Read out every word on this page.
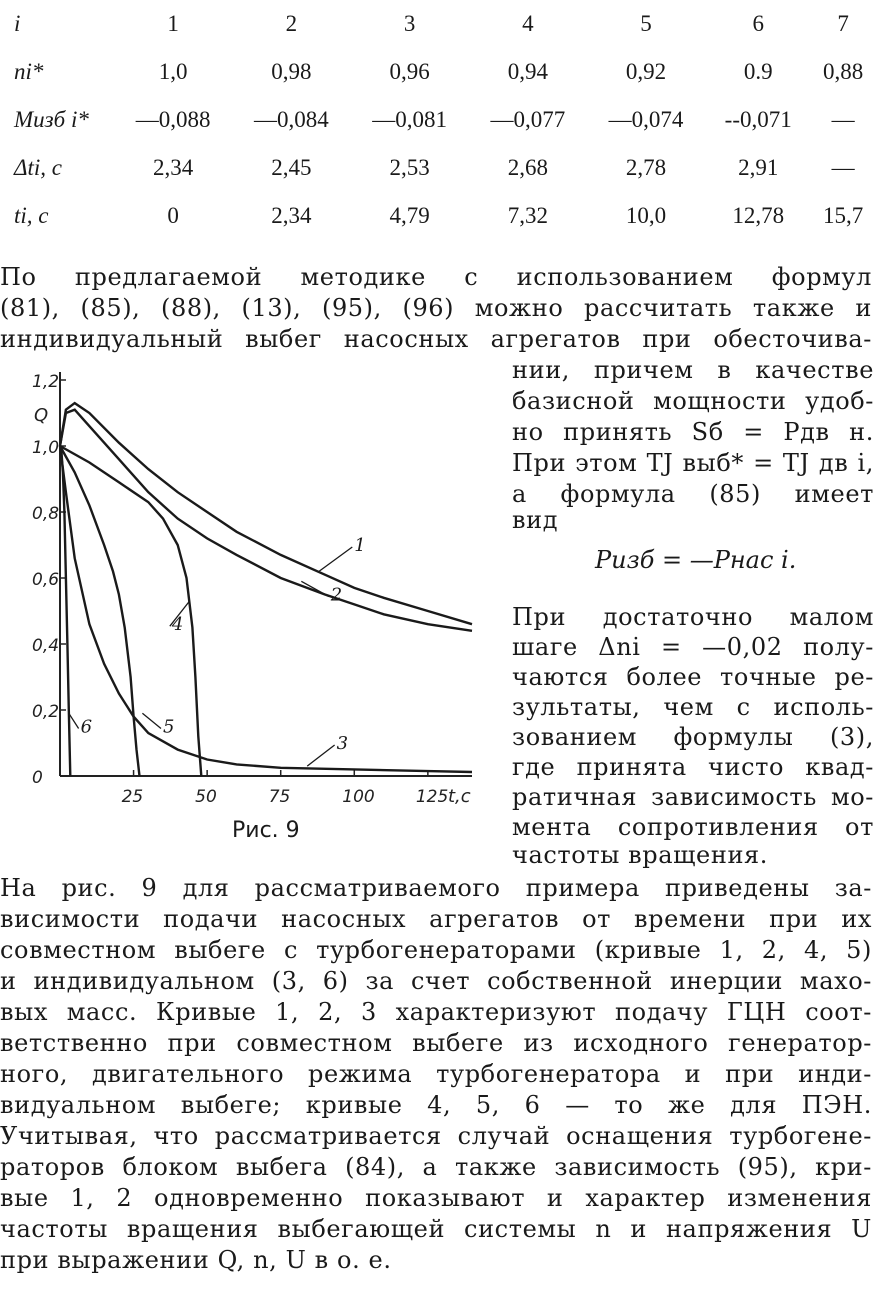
i	1	2	3	4	5	6	7
ni*	1,0	0,98	0,96	0,94	0,92	0.9	0,88
Mизб i*	—0,088	—0,084	—0,081	—0,077	—0,074	--0,071	—
Δti, с	2,34	2,45	2,53	2,68	2,78	2,91	—
ti, с	0	2,34	4,79	7,32	10,0	12,78	15,7
По предлагаемой методике с использованием формул
(81), (85), (88), (13), (95), (96) можно рассчитать также и
индивидуальный выбег насосных агрегатов при обесточива-
нии, причем в качестве
базисной мощности удоб-
но принять Sб = Pдв н.
При этом TJ выб* = TJ дв i,
а формула (85) имеет
вид
Pизб = —Pнас i.
При достаточно малом
шаге Δni = —0,02 полу-
чаются более точные ре-
зультаты, чем с исполь-
зованием формулы (3),
где принята чисто квад-
ратичная зависимость мо-
мента сопротивления от
частоты вращения.
0
0,2
0,4
0,6
0,8
1,0
1,2
25	50	75	100 125 t,c
Q
1
2
3
4
5
6
Рис. 9
На рис. 9 для рассматриваемого примера приведены за-
висимости подачи насосных агрегатов от времени при их
совместном выбеге с турбогенераторами (кривые 1, 2, 4, 5)
и индивидуальном (3, 6) за счет собственной инерции махо-
вых масс. Кривые 1, 2, 3 характеризуют подачу ГЦН соот-
ветственно при совместном выбеге из исходного генератор-
ного, двигательного режима турбогенератора и при инди-
видуальном выбеге; кривые 4, 5, 6 — то же для ПЭН.
Учитывая, что рассматривается случай оснащения турбогене-
раторов блоком выбега (84), а также зависимость (95), кри-
вые 1, 2 одновременно показывают и характер изменения
частоты вращения выбегающей системы n и напряжения U
при выражении Q, n, U в о. е.
